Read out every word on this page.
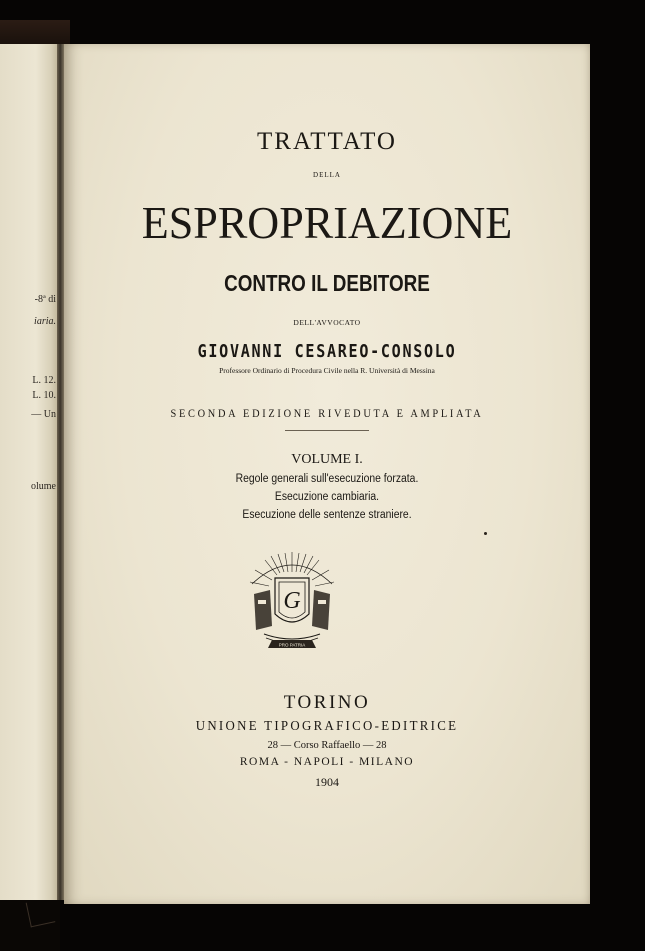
-8ª di
iaria.
L. 12.
L. 10.
— Un
olume
TRATTATO
DELLA
ESPROPRIAZIONE
CONTRO IL DEBITORE
DELL'AVVOCATO
GIOVANNI CESAREO-CONSOLO
Professore Ordinario di Procedura Civile nella R. Università di Messina
SECONDA EDIZIONE RIVEDUTA E AMPLIATA
VOLUME I.
Regole generali sull'esecuzione forzata.
Esecuzione cambiaria.
Esecuzione delle sentenze straniere.
G
PRO PATRIA
TORINO
UNIONE TIPOGRAFICO-EDITRICE
28 — Corso Raffaello — 28
ROMA - NAPOLI - MILANO
1904
